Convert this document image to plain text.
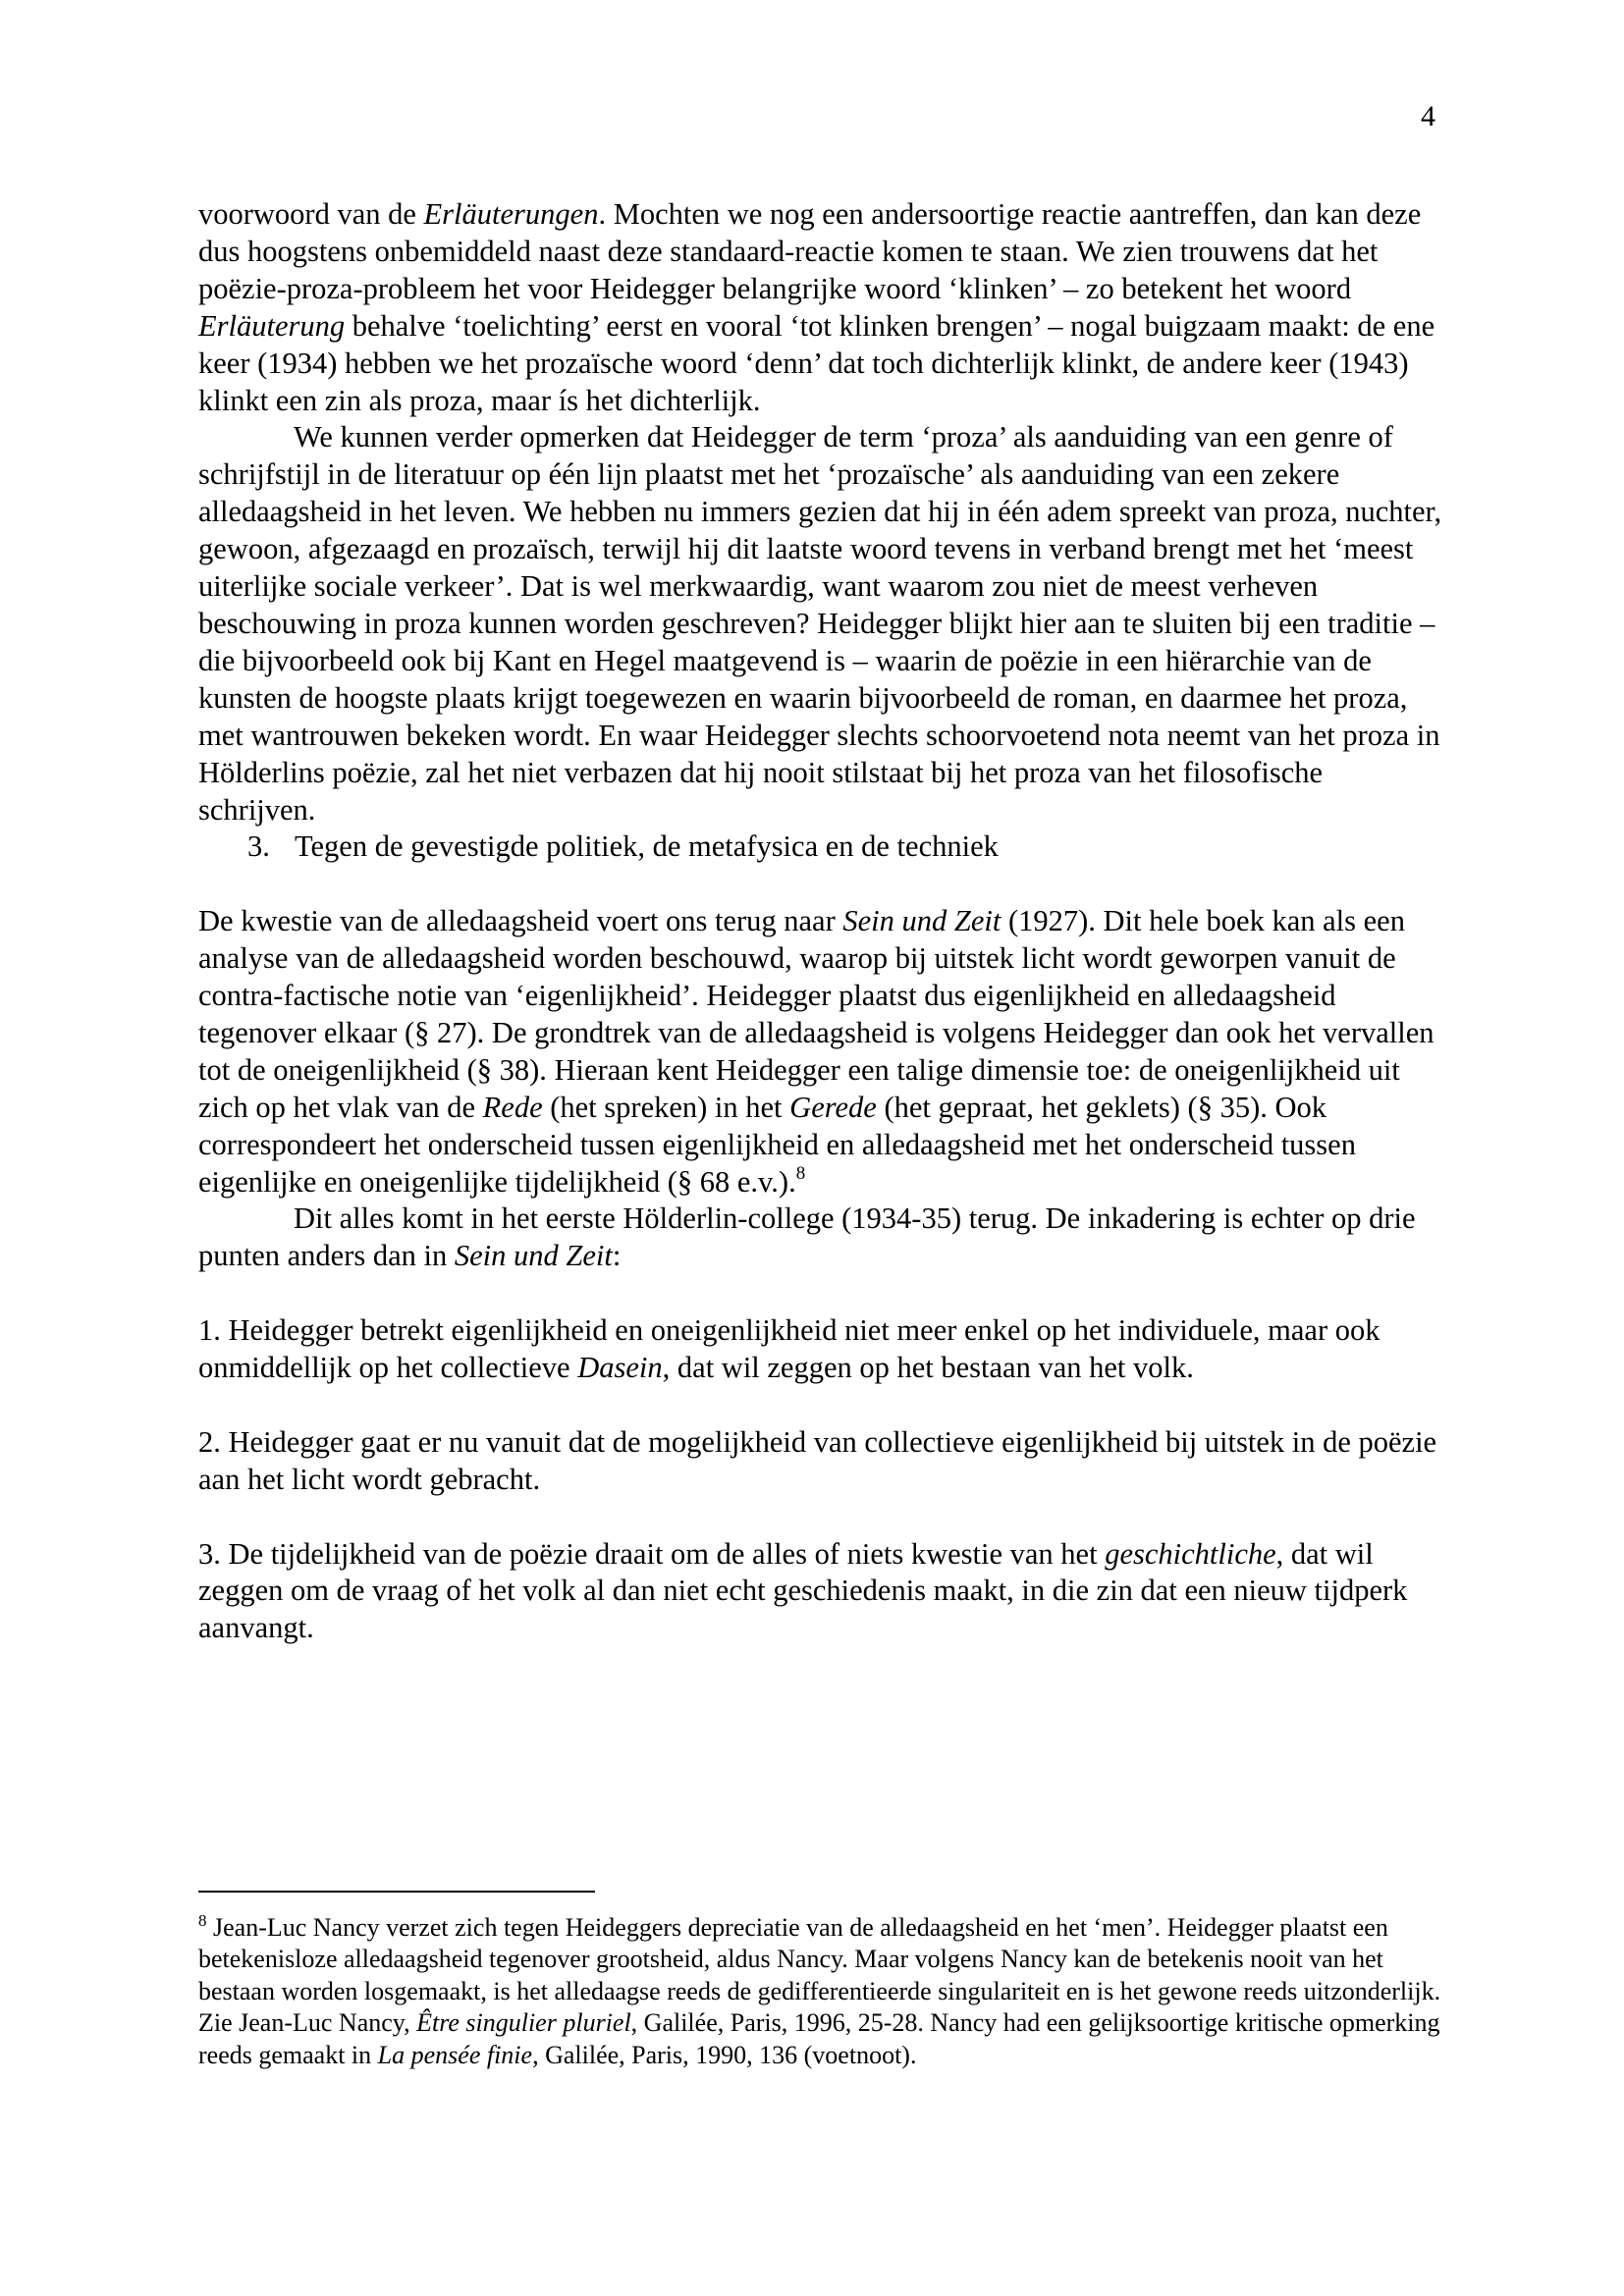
4

voorwoord van de Erläuterungen. Mochten we nog een andersoortige reactie aantreffen, dan kan deze dus hoogstens onbemiddeld naast deze standaard-reactie komen te staan. We zien trouwens dat het poëzie-proza-probleem het voor Heidegger belangrijke woord ‘klinken’ – zo betekent het woord Erläuterung behalve ‘toelichting’ eerst en vooral ‘tot klinken brengen’ – nogal buigzaam maakt: de ene keer (1934) hebben we het prozaïsche woord ‘denn’ dat toch dichterlijk klinkt, de andere keer (1943) klinkt een zin als proza, maar ís het dichterlijk.

We kunnen verder opmerken dat Heidegger de term ‘proza’ als aanduiding van een genre of schrijfstijl in de literatuur op één lijn plaatst met het ‘prozaïsche’ als aanduiding van een zekere alledaagsheid in het leven. We hebben nu immers gezien dat hij in één adem spreekt van proza, nuchter, gewoon, afgezaagd en prozaïsch, terwijl hij dit laatste woord tevens in verband brengt met het ‘meest uiterlijke sociale verkeer’. Dat is wel merkwaardig, want waarom zou niet de meest verheven beschouwing in proza kunnen worden geschreven? Heidegger blijkt hier aan te sluiten bij een traditie – die bijvoorbeeld ook bij Kant en Hegel maatgevend is – waarin de poëzie in een hiërarchie van de kunsten de hoogste plaats krijgt toegewezen en waarin bijvoorbeeld de roman, en daarmee het proza, met wantrouwen bekeken wordt. En waar Heidegger slechts schoorvoetend nota neemt van het proza in Hölderlins poëzie, zal het niet verbazen dat hij nooit stilstaat bij het proza van het filosofische schrijven.

3. Tegen de gevestigde politiek, de metafysica en de techniek

De kwestie van de alledaagsheid voert ons terug naar Sein und Zeit (1927). Dit hele boek kan als een analyse van de alledaagsheid worden beschouwd, waarop bij uitstek licht wordt geworpen vanuit de contra-factische notie van ‘eigenlijkheid’. Heidegger plaatst dus eigenlijkheid en alledaagsheid tegenover elkaar (§ 27). De grondtrek van de alledaagsheid is volgens Heidegger dan ook het vervallen tot de oneigenlijkheid (§ 38). Hieraan kent Heidegger een talige dimensie toe: de oneigenlijkheid uit zich op het vlak van de Rede (het spreken) in het Gerede (het gepraat, het geklets) (§ 35). Ook correspondeert het onderscheid tussen eigenlijkheid en alledaagsheid met het onderscheid tussen eigenlijke en oneigenlijke tijdelijkheid (§ 68 e.v.).$^8$

Dit alles komt in het eerste Hölderlin-college (1934-35) terug. De inkadering is echter op drie punten anders dan in Sein und Zeit:

1. Heidegger betrekt eigenlijkheid en oneigenlijkheid niet meer enkel op het individuele, maar ook onmiddellijk op het collectieve Dasein, dat wil zeggen op het bestaan van het volk.

2. Heidegger gaat er nu vanuit dat de mogelijkheid van collectieve eigenlijkheid bij uitstek in de poëzie aan het licht wordt gebracht.

3. De tijdelijkheid van de poëzie draait om de alles of niets kwestie van het geschichtliche, dat wil zeggen om de vraag of het volk al dan niet echt geschiedenis maakt, in die zin dat een nieuw tijdperk aanvangt.

$^8$ Jean-Luc Nancy verzet zich tegen Heideggers depreciatie van de alledaagsheid en het ‘men’. Heidegger plaatst een betekenisloze alledaagsheid tegenover grootsheid, aldus Nancy. Maar volgens Nancy kan de betekenis nooit van het bestaan worden losgemaakt, is het alledaagse reeds de gedifferentieerde singulariteit en is het gewone reeds uitzonderlijk. Zie Jean-Luc Nancy, Être singulier pluriel, Galilée, Paris, 1996, 25-28. Nancy had een gelijksoortige kritische opmerking reeds gemaakt in La pensée finie, Galilée, Paris, 1990, 136 (voetnoot).
